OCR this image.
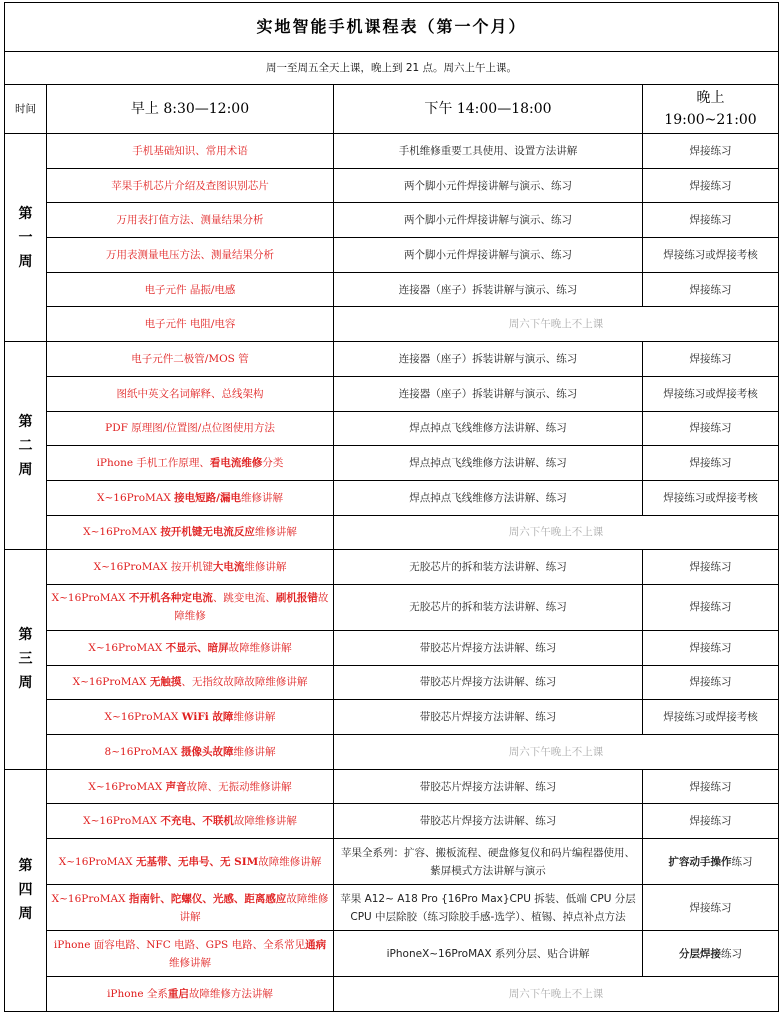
实地智能手机课程表（第一个月）			
周一至周五全天上课，晚上到 21 点。周六上午上课。			
时间	早上 8:30—12:00	下午 14:00—18:00	晚上
19:00~21:00
第
一
周	手机基础知识、常用术语	手机维修重要工具使用、设置方法讲解	焊接练习
	苹果手机芯片介绍及查图识别芯片	两个脚小元件焊接讲解与演示、练习	焊接练习
	万用表打值方法、测量结果分析	两个脚小元件焊接讲解与演示、练习	焊接练习
	万用表测量电压方法、测量结果分析	两个脚小元件焊接讲解与演示、练习	焊接练习或焊接考核
	电子元件 晶振/电感	连接器（座子）拆装讲解与演示、练习	焊接练习
	电子元件 电阻/电容	周六下午晚上不上课	
第
二
周	电子元件二极管/MOS 管	连接器（座子）拆装讲解与演示、练习	焊接练习
	图纸中英文名词解释、总线架构	连接器（座子）拆装讲解与演示、练习	焊接练习或焊接考核
	PDF 原理图/位置图/点位图使用方法	焊点掉点飞线维修方法讲解、练习	焊接练习
	iPhone 手机工作原理、看电流维修分类	焊点掉点飞线维修方法讲解、练习	焊接练习
	X~16ProMAX 接电短路/漏电维修讲解	焊点掉点飞线维修方法讲解、练习	焊接练习或焊接考核
	X~16ProMAX 按开机键无电流反应维修讲解	周六下午晚上不上课	
第
三
周	X~16ProMAX 按开机键大电流维修讲解	无胶芯片的拆和装方法讲解、练习	焊接练习
	X~16ProMAX 不开机各种定电流、跳变电流、刷机报错故障维修	无胶芯片的拆和装方法讲解、练习	焊接练习
	X~16ProMAX 不显示、暗屏故障维修讲解	带胶芯片焊接方法讲解、练习	焊接练习
	X~16ProMAX 无触摸、无指纹故障故障维修讲解	带胶芯片焊接方法讲解、练习	焊接练习
	X~16ProMAX WiFi 故障维修讲解	带胶芯片焊接方法讲解、练习	焊接练习或焊接考核
	8~16ProMAX 摄像头故障维修讲解	周六下午晚上不上课	
第
四
周	X~16ProMAX 声音故障、无振动维修讲解	带胶芯片焊接方法讲解、练习	焊接练习
	X~16ProMAX 不充电、不联机故障维修讲解	带胶芯片焊接方法讲解、练习	焊接练习
	X~16ProMAX 无基带、无串号、无 SIM故障维修讲解	苹果全系列：扩容、搬板流程、硬盘修复仪和码片编程器使用、紫屏模式方法讲解与演示	扩容动手操作练习
	X~16ProMAX 指南针、陀螺仪、光感、距离感应故障维修讲解	苹果 A12~ A18 Pro {16Pro Max}CPU 拆装、低端 CPU 分层 CPU 中层除胶（练习除胶手感-选学）、植锡、掉点补点方法	焊接练习
	iPhone 面容电路、NFC 电路、GPS 电路、全系常见通病维修讲解	iPhoneX~16ProMAX 系列分层、贴合讲解	分层焊接练习
	iPhone 全系重启故障维修方法讲解	周六下午晚上不上课	
